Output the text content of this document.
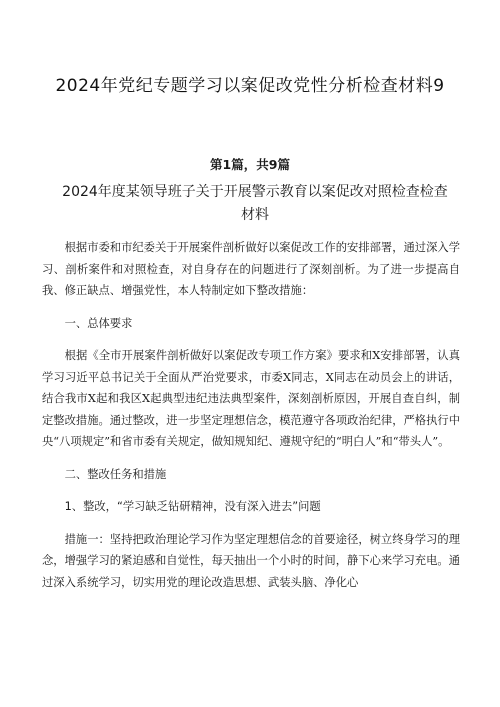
2024年党纪专题学习以案促改党性分析检查材料9
第1篇，共9篇
2024年度某领导班子关于开展警示教育以案促改对照检查检查材料

根据市委和市纪委关于开展案件剖析做好以案促改工作的安排部署，通过深入学习、剖析案件和对照检查，对自身存在的问题进行了深刻剖析。为了进一步提高自我、修正缺点、增强党性，本人特制定如下整改措施：

一、总体要求

根据《全市开展案件剖析做好以案促改专项工作方案》要求和X安排部署，认真学习习近平总书记关于全面从严治党要求，市委X同志，X同志在动员会上的讲话，结合我市X起和我区X起典型违纪违法典型案件，深刻剖析原因，开展自查自纠，制定整改措施。通过整改，进一步坚定理想信念，模范遵守各项政治纪律，严格执行中央“八项规定”和省市委有关规定，做知规知纪、遵规守纪的“明白人”和“带头人”。

二、整改任务和措施

1、整改，“学习缺乏钻研精神，没有深入进去”问题

措施一：坚持把政治理论学习作为坚定理想信念的首要途径，树立终身学习的理念，增强学习的紧迫感和自觉性，每天抽出一个小时的时间，静下心来学习充电。通过深入系统学习，切实用党的理论改造思想、武装头脑、净化心
